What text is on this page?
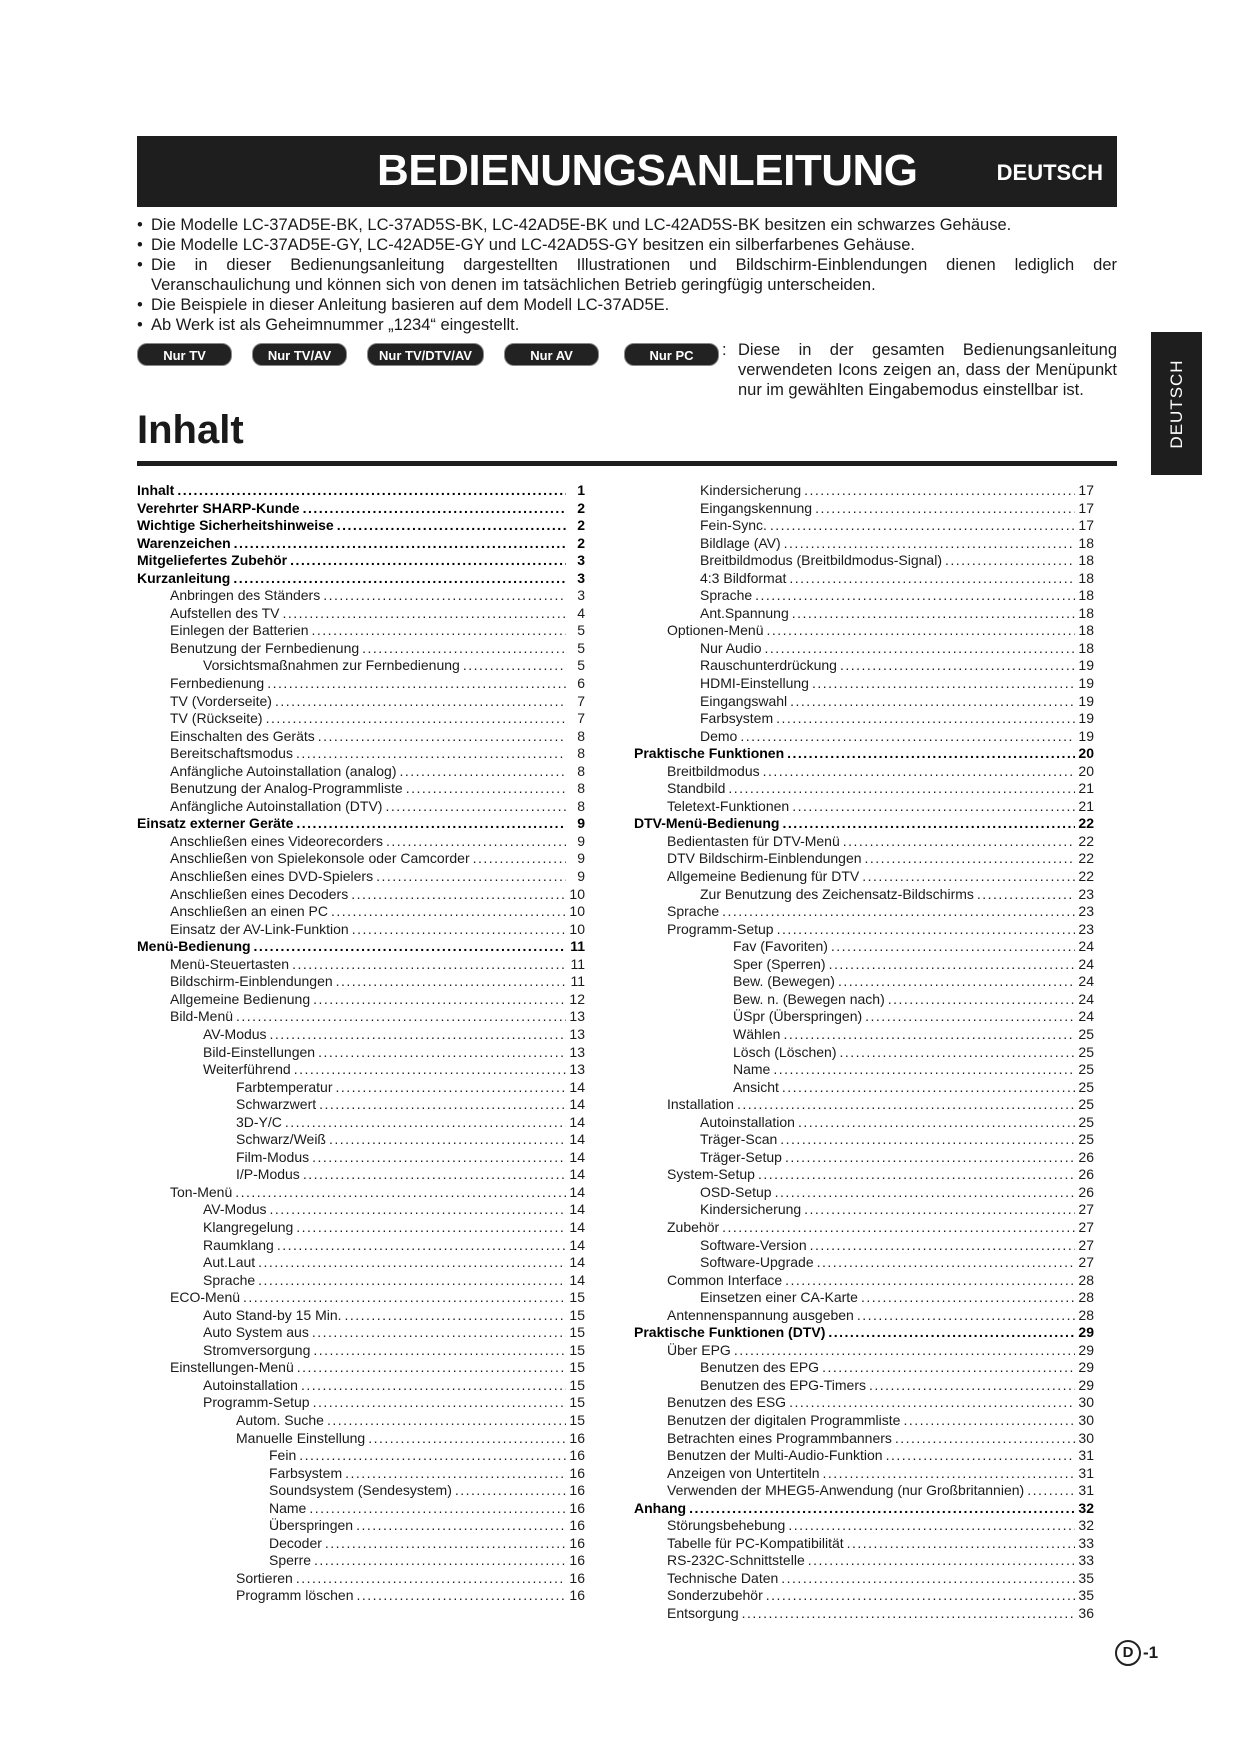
BEDIENUNGSANLEITUNG	DEUTSCH
• Die Modelle LC-37AD5E-BK, LC-37AD5S-BK, LC-42AD5E-BK und LC-42AD5S-BK besitzen ein schwarzes Gehäuse.
• Die Modelle LC-37AD5E-GY, LC-42AD5E-GY und LC-42AD5S-GY besitzen ein silberfarbenes Gehäuse.
• Die in dieser Bedienungsanleitung dargestellten Illustrationen und Bildschirm-Einblendungen dienen lediglich der Veranschaulichung und können sich von denen im tatsächlichen Betrieb geringfügig unterscheiden.
• Die Beispiele in dieser Anleitung basieren auf dem Modell LC-37AD5E.
• Ab Werk ist als Geheimnummer „1234“ eingestellt.
Nur TV	Nur TV/AV	Nur TV/DTV/AV	Nur AV	Nur PC	: Diese in der gesamten Bedienungsanleitung verwendeten Icons zeigen an, dass der Menüpunkt nur im gewählten Eingabemodus einstellbar ist.	DEUTSCH
Inhalt
Inhalt . . .	1
Verehrter SHARP-Kunde . . .	2
Wichtige Sicherheitshinweise . . .	2
Warenzeichen . . .	2
Mitgeliefertes Zubehör . . .	3
Kurzanleitung . . .	3
Anbringen des Ständers . . .	3
Aufstellen des TV . . .	4
Einlegen der Batterien . . .	5
Benutzung der Fernbedienung . . .	5
Vorsichtsmaßnahmen zur Fernbedienung . . .	5
Fernbedienung . . .	6
TV (Vorderseite) . . .	7
TV (Rückseite) . . .	7
Einschalten des Geräts . . .	8
Bereitschaftsmodus . . .	8
Anfängliche Autoinstallation (analog) . . .	8
Benutzung der Analog-Programmliste . . .	8
Anfängliche Autoinstallation (DTV) . . .	8
Einsatz externer Geräte . . .	9
Anschließen eines Videorecorders . . .	9
Anschließen von Spielekonsole oder Camcorder . . .	9
Anschließen eines DVD-Spielers . . .	9
Anschließen eines Decoders . . .	10
Anschließen an einen PC . . .	10
Einsatz der AV-Link-Funktion . . .	10
Menü-Bedienung . . .	11
Menü-Steuertasten . . .	11
Bildschirm-Einblendungen . . .	11
Allgemeine Bedienung . . .	12
Bild-Menü . . .	13
AV-Modus . . .	13
Bild-Einstellungen . . .	13
Weiterführend . . .	13
Farbtemperatur . . .	14
Schwarzwert . . .	14
3D-Y/C . . .	14
Schwarz/Weiß . . .	14
Film-Modus . . .	14
I/P-Modus . . .	14
Ton-Menü . . .	14
AV-Modus . . .	14
Klangregelung . . .	14
Raumklang . . .	14
Aut.Laut . . .	14
Sprache . . .	14
ECO-Menü . . .	15
Auto Stand-by 15 Min. . . .	15
Auto System aus . . .	15
Stromversorgung . . .	15
Einstellungen-Menü . . .	15
Autoinstallation . . .	15
Programm-Setup . . .	15
Autom. Suche . . .	15
Manuelle Einstellung . . .	16
Fein . . .	16
Farbsystem . . .	16
Soundsystem (Sendesystem) . . .	16
Name . . .	16
Überspringen . . .	16
Decoder . . .	16
Sperre . . .	16
Sortieren . . .	16
Programm löschen . . .	16
Kindersicherung . . .	17
Eingangskennung . . .	17
Fein-Sync. . . .	17
Bildlage (AV) . . .	18
Breitbildmodus (Breitbildmodus-Signal) . . .	18
4:3 Bildformat . . .	18
Sprache . . .	18
Ant.Spannung . . .	18
Optionen-Menü . . .	18
Nur Audio . . .	18
Rauschunterdrückung . . .	19
HDMI-Einstellung . . .	19
Eingangswahl . . .	19
Farbsystem . . .	19
Demo . . .	19
Praktische Funktionen . . .	20
Breitbildmodus . . .	20
Standbild . . .	21
Teletext-Funktionen . . .	21
DTV-Menü-Bedienung . . .	22
Bedientasten für DTV-Menü . . .	22
DTV Bildschirm-Einblendungen . . .	22
Allgemeine Bedienung für DTV . . .	22
Zur Benutzung des Zeichensatz-Bildschirms . . .	23
Sprache . . .	23
Programm-Setup . . .	23
Fav (Favoriten) . . .	24
Sper (Sperren) . . .	24
Bew. (Bewegen) . . .	24
Bew. n. (Bewegen nach) . . .	24
ÜSpr (Überspringen) . . .	24
Wählen . . .	25
Lösch (Löschen) . . .	25
Name . . .	25
Ansicht . . .	25
Installation . . .	25
Autoinstallation . . .	25
Träger-Scan . . .	25
Träger-Setup . . .	26
System-Setup . . .	26
OSD-Setup . . .	26
Kindersicherung . . .	27
Zubehör . . .	27
Software-Version . . .	27
Software-Upgrade . . .	27
Common Interface . . .	28
Einsetzen einer CA-Karte . . .	28
Antennenspannung ausgeben . . .	28
Praktische Funktionen (DTV) . . .	29
Über EPG . . .	29
Benutzen des EPG . . .	29
Benutzen des EPG-Timers . . .	29
Benutzen des ESG . . .	30
Benutzen der digitalen Programmliste . . .	30
Betrachten eines Programmbanners . . .	30
Benutzen der Multi-Audio-Funktion . . .	31
Anzeigen von Untertiteln . . .	31
Verwenden der MHEG5-Anwendung (nur Großbritannien) . . .	31
Anhang . . .	32
Störungsbehebung . . .	32
Tabelle für PC-Kompatibilität . . .	33
RS-232C-Schnittstelle . . .	33
Technische Daten . . .	35
Sonderzubehör . . .	35
Entsorgung . . .	36
D -1
